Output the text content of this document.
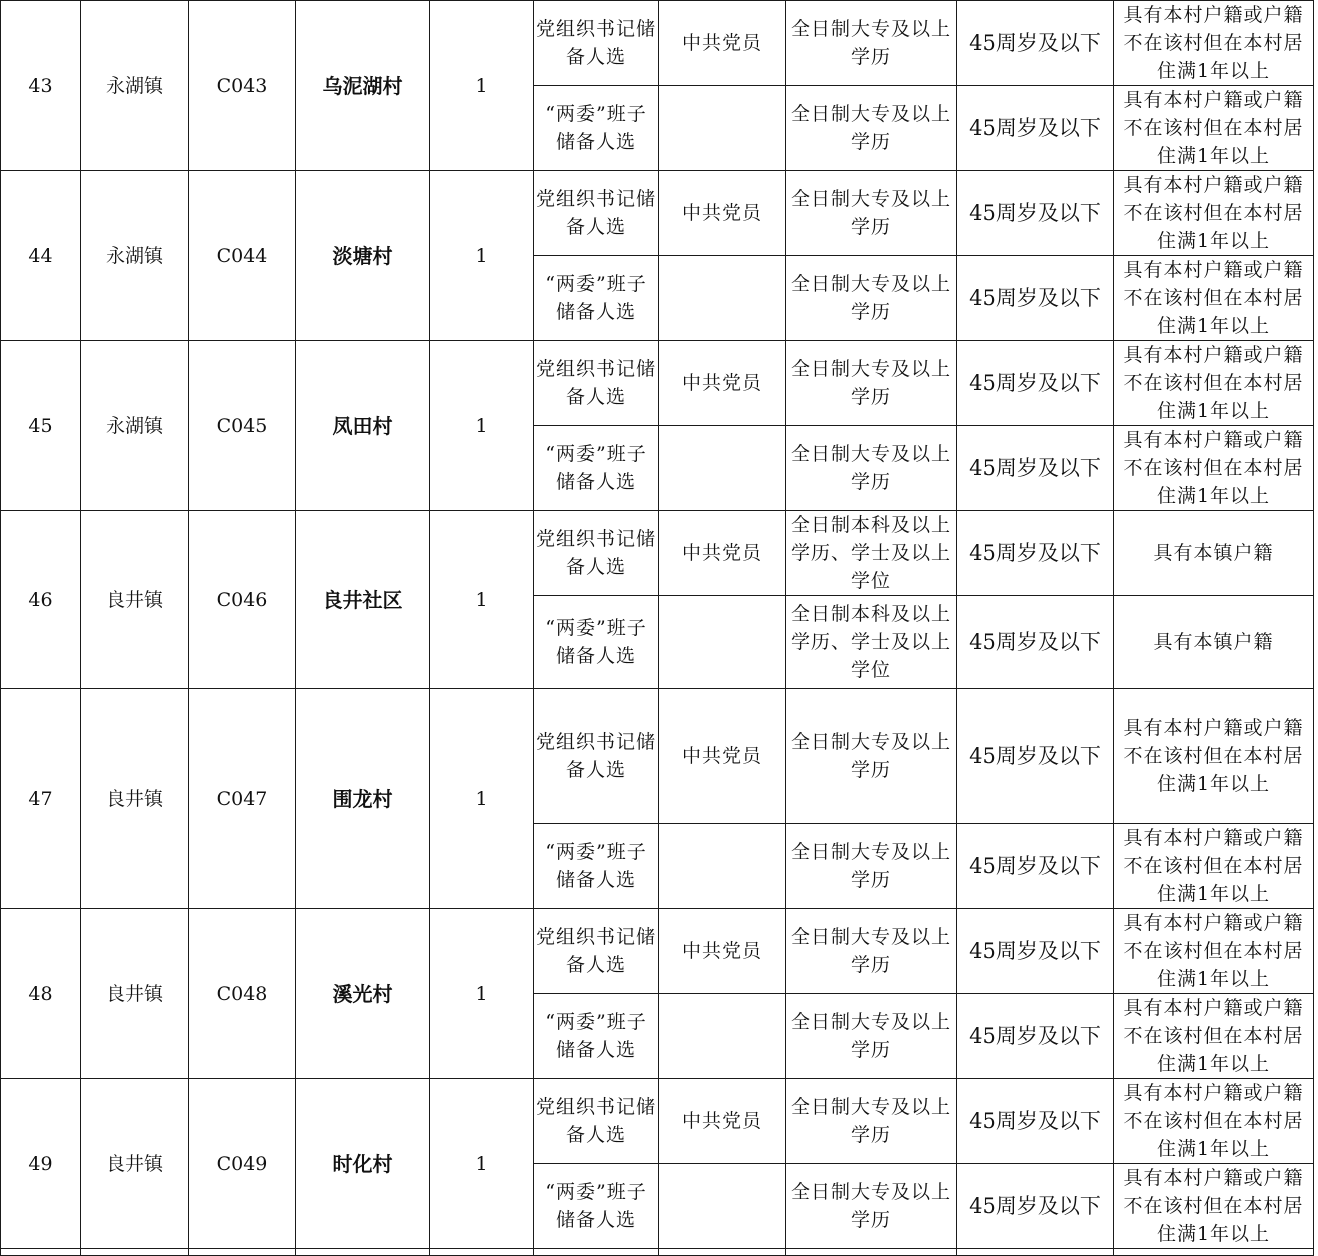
43	永湖镇	C043	乌泥湖村	1	党组织书记储备人选	中共党员	全日制大专及以上学历	45周岁及以下	具有本村户籍或户籍不在该村但在本村居住满1年以上
					“两委”班子储备人选		全日制大专及以上学历	45周岁及以下	具有本村户籍或户籍不在该村但在本村居住满1年以上
44	永湖镇	C044	淡塘村	1	党组织书记储备人选	中共党员	全日制大专及以上学历	45周岁及以下	具有本村户籍或户籍不在该村但在本村居住满1年以上
					“两委”班子储备人选		全日制大专及以上学历	45周岁及以下	具有本村户籍或户籍不在该村但在本村居住满1年以上
45	永湖镇	C045	凤田村	1	党组织书记储备人选	中共党员	全日制大专及以上学历	45周岁及以下	具有本村户籍或户籍不在该村但在本村居住满1年以上
					“两委”班子储备人选		全日制大专及以上学历	45周岁及以下	具有本村户籍或户籍不在该村但在本村居住满1年以上
46	良井镇	C046	良井社区	1	党组织书记储备人选	中共党员	全日制本科及以上学历、学士及以上学位	45周岁及以下	具有本镇户籍
					“两委”班子储备人选		全日制本科及以上学历、学士及以上学位	45周岁及以下	具有本镇户籍
47	良井镇	C047	围龙村	1	党组织书记储备人选	中共党员	全日制大专及以上学历	45周岁及以下	具有本村户籍或户籍不在该村但在本村居住满1年以上
					“两委”班子储备人选		全日制大专及以上学历	45周岁及以下	具有本村户籍或户籍不在该村但在本村居住满1年以上
48	良井镇	C048	溪光村	1	党组织书记储备人选	中共党员	全日制大专及以上学历	45周岁及以下	具有本村户籍或户籍不在该村但在本村居住满1年以上
					“两委”班子储备人选		全日制大专及以上学历	45周岁及以下	具有本村户籍或户籍不在该村但在本村居住满1年以上
49	良井镇	C049	时化村	1	党组织书记储备人选	中共党员	全日制大专及以上学历	45周岁及以下	具有本村户籍或户籍不在该村但在本村居住满1年以上
					“两委”班子储备人选		全日制大专及以上学历	45周岁及以下	具有本村户籍或户籍不在该村但在本村居住满1年以上
